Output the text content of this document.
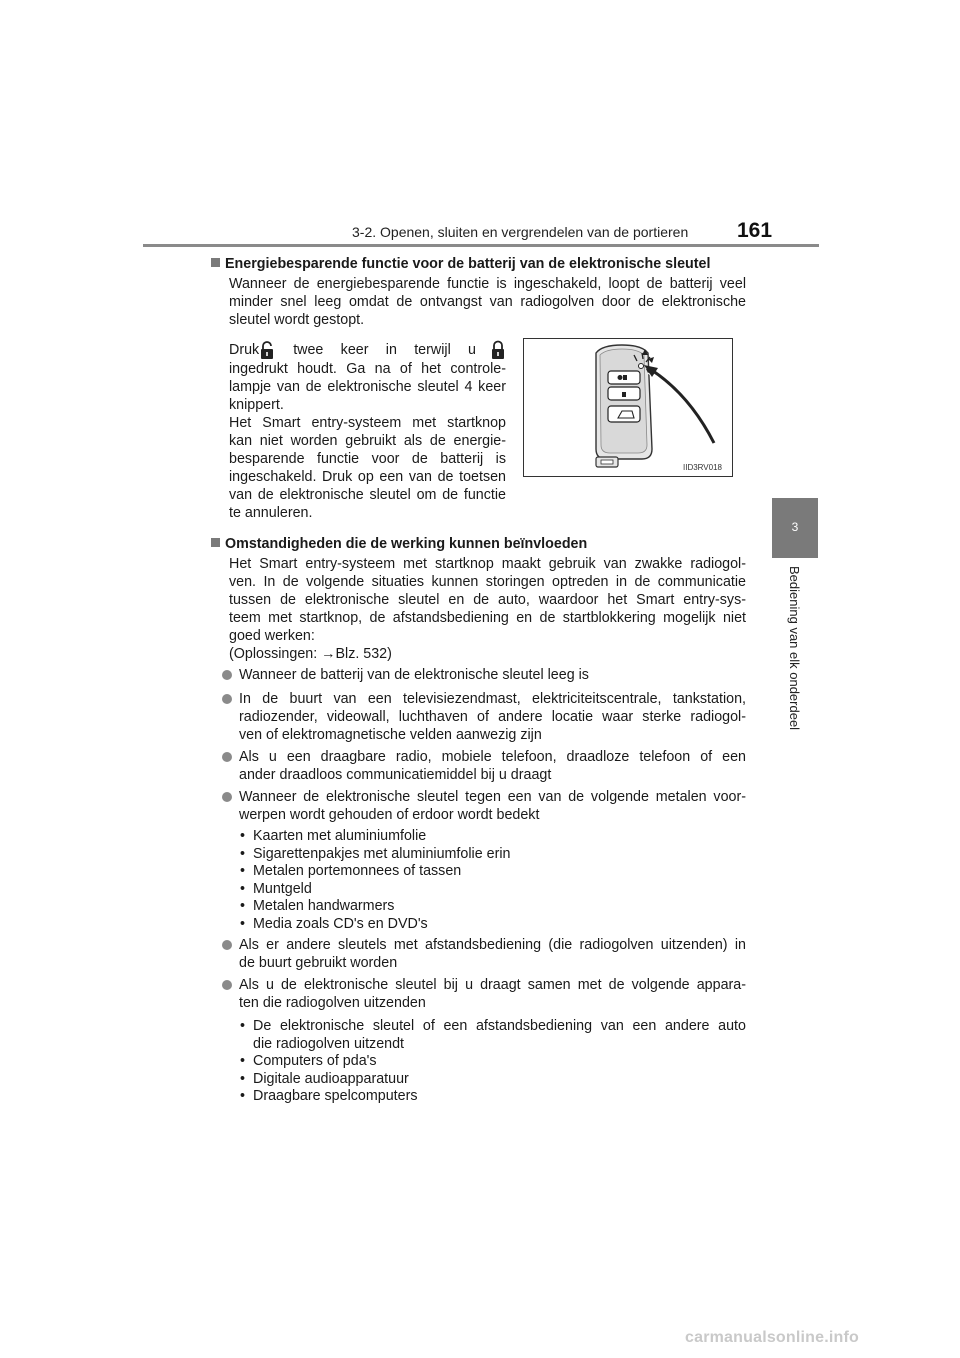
3-2. Openen, sluiten en vergrendelen van de portieren 161
3
Bediening van elk onderdeel
Energiebesparende functie voor de batterij van de elektronische sleutel
Wanneer de energiebesparende functie is ingeschakeld, loopt de batterij veel
minder snel leeg omdat de ontvangst van radiogolven door de elektronische
sleutel wordt gestopt.
Druk twee keer in terwijl u
ingedrukt houdt. Ga na of het controle-
lampje van de elektronische sleutel 4 keer
knippert.
Het Smart entry-systeem met startknop
kan niet worden gebruikt als de energie-
besparende functie voor de batterij is
ingeschakeld. Druk op een van de toetsen
van de elektronische sleutel om de functie
te annuleren.
IID3RV018
Omstandigheden die de werking kunnen beïnvloeden
Het Smart entry-systeem met startknop maakt gebruik van zwakke radiogol-
ven. In de volgende situaties kunnen storingen optreden in de communicatie
tussen de elektronische sleutel en de auto, waardoor het Smart entry-sys-
teem met startknop, de afstandsbediening en de startblokkering mogelijk niet
goed werken:
(Oplossingen: →Blz. 532)
Wanneer de batterij van de elektronische sleutel leeg is
In de buurt van een televisiezendmast, elektriciteitscentrale, tankstation,
radiozender, videowall, luchthaven of andere locatie waar sterke radiogol-
ven of elektromagnetische velden aanwezig zijn
Als u een draagbare radio, mobiele telefoon, draadloze telefoon of een
ander draadloos communicatiemiddel bij u draagt
Wanneer de elektronische sleutel tegen een van de volgende metalen voor-
werpen wordt gehouden of erdoor wordt bedekt
• Kaarten met aluminiumfolie
• Sigarettenpakjes met aluminiumfolie erin
• Metalen portemonnees of tassen
• Muntgeld
• Metalen handwarmers
• Media zoals CD's en DVD's
Als er andere sleutels met afstandsbediening (die radiogolven uitzenden) in
de buurt gebruikt worden
Als u de elektronische sleutel bij u draagt samen met de volgende appara-
ten die radiogolven uitzenden
• De elektronische sleutel of een afstandsbediening van een andere auto
die radiogolven uitzendt
• Computers of pda's
• Digitale audioapparatuur
• Draagbare spelcomputers
carmanualsonline.info
